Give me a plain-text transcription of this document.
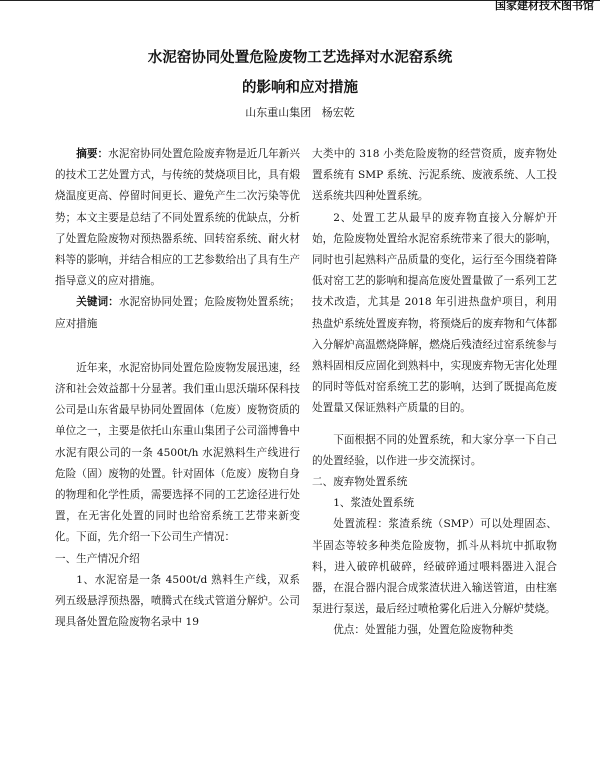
国家建材技术图书馆
水泥窑协同处置危险废物工艺选择对水泥窑系统
的影响和应对措施
山东重山集团 杨宏乾

摘要：水泥窑协同处置危险废弃物是近几年新兴的技术工艺处置方式，与传统的焚烧项目比，具有煅烧温度更高、停留时间更长、避免产生二次污染等优势；本文主要是总结了不同处置系统的优缺点，分析了处置危险废物对预热器系统、回转窑系统、耐火材料等的影响，并结合相应的工艺参数给出了具有生产指导意义的应对措施。

关键词：水泥窑协同处置；危险废物处置系统；应对措施

近年来，水泥窑协同处置危险废物发展迅速，经济和社会效益都十分显著。我们重山思沃瑞环保科技公司是山东省最早协同处置固体（危废）废物资质的单位之一，主要是依托山东重山集团子公司淄博鲁中水泥有限公司的一条 4500t/h 水泥熟料生产线进行危险（固）废物的处置。针对固体（危废）废物自身的物理和化学性质，需要选择不同的工艺途径进行处置，在无害化处置的同时也给窑系统工艺带来新变化。下面，先介绍一下公司生产情况：

一、生产情况介绍

1、水泥窑是一条 4500t/d 熟料生产线，双系列五级悬浮预热器，喷腾式在线式管道分解炉。公司现具备处置危险废物名录中 19

大类中的 318 小类危险废物的经营资质，废弃物处置系统有 SMP 系统、污泥系统、废液系统、人工投送系统共四种处置系统。

2、处置工艺从最早的废弃物直接入分解炉开始，危险废物处置给水泥窑系统带来了很大的影响，同时也引起熟料产品质量的变化，运行至今围绕着降低对窑工艺的影响和提高危废处置量做了一系列工艺技术改造，尤其是 2018 年引进热盘炉项目，利用热盘炉系统处置废弃物，将预烧后的废弃物和气体都入分解炉高温燃烧降解，燃烧后残渣经过窑系统参与熟料固相反应固化到熟料中，实现废弃物无害化处理的同时等低对窑系统工艺的影响，达到了既提高危废处置量又保证熟料产质量的目的。

下面根据不同的处置系统，和大家分享一下自己的处置经验，以作进一步交流探讨。

二、废弃物处置系统

1、浆渣处置系统

处置流程：浆渣系统（SMP）可以处理固态、半固态等较多种类危险废物，抓斗从料坑中抓取物料，进入破碎机破碎，经破碎通过喂料器进入混合器，在混合器内混合成浆渣状进入输送管道，由柱塞泵进行泵送，最后经过喷枪雾化后进入分解炉焚烧。

优点：处置能力强，处置危险废物种类
